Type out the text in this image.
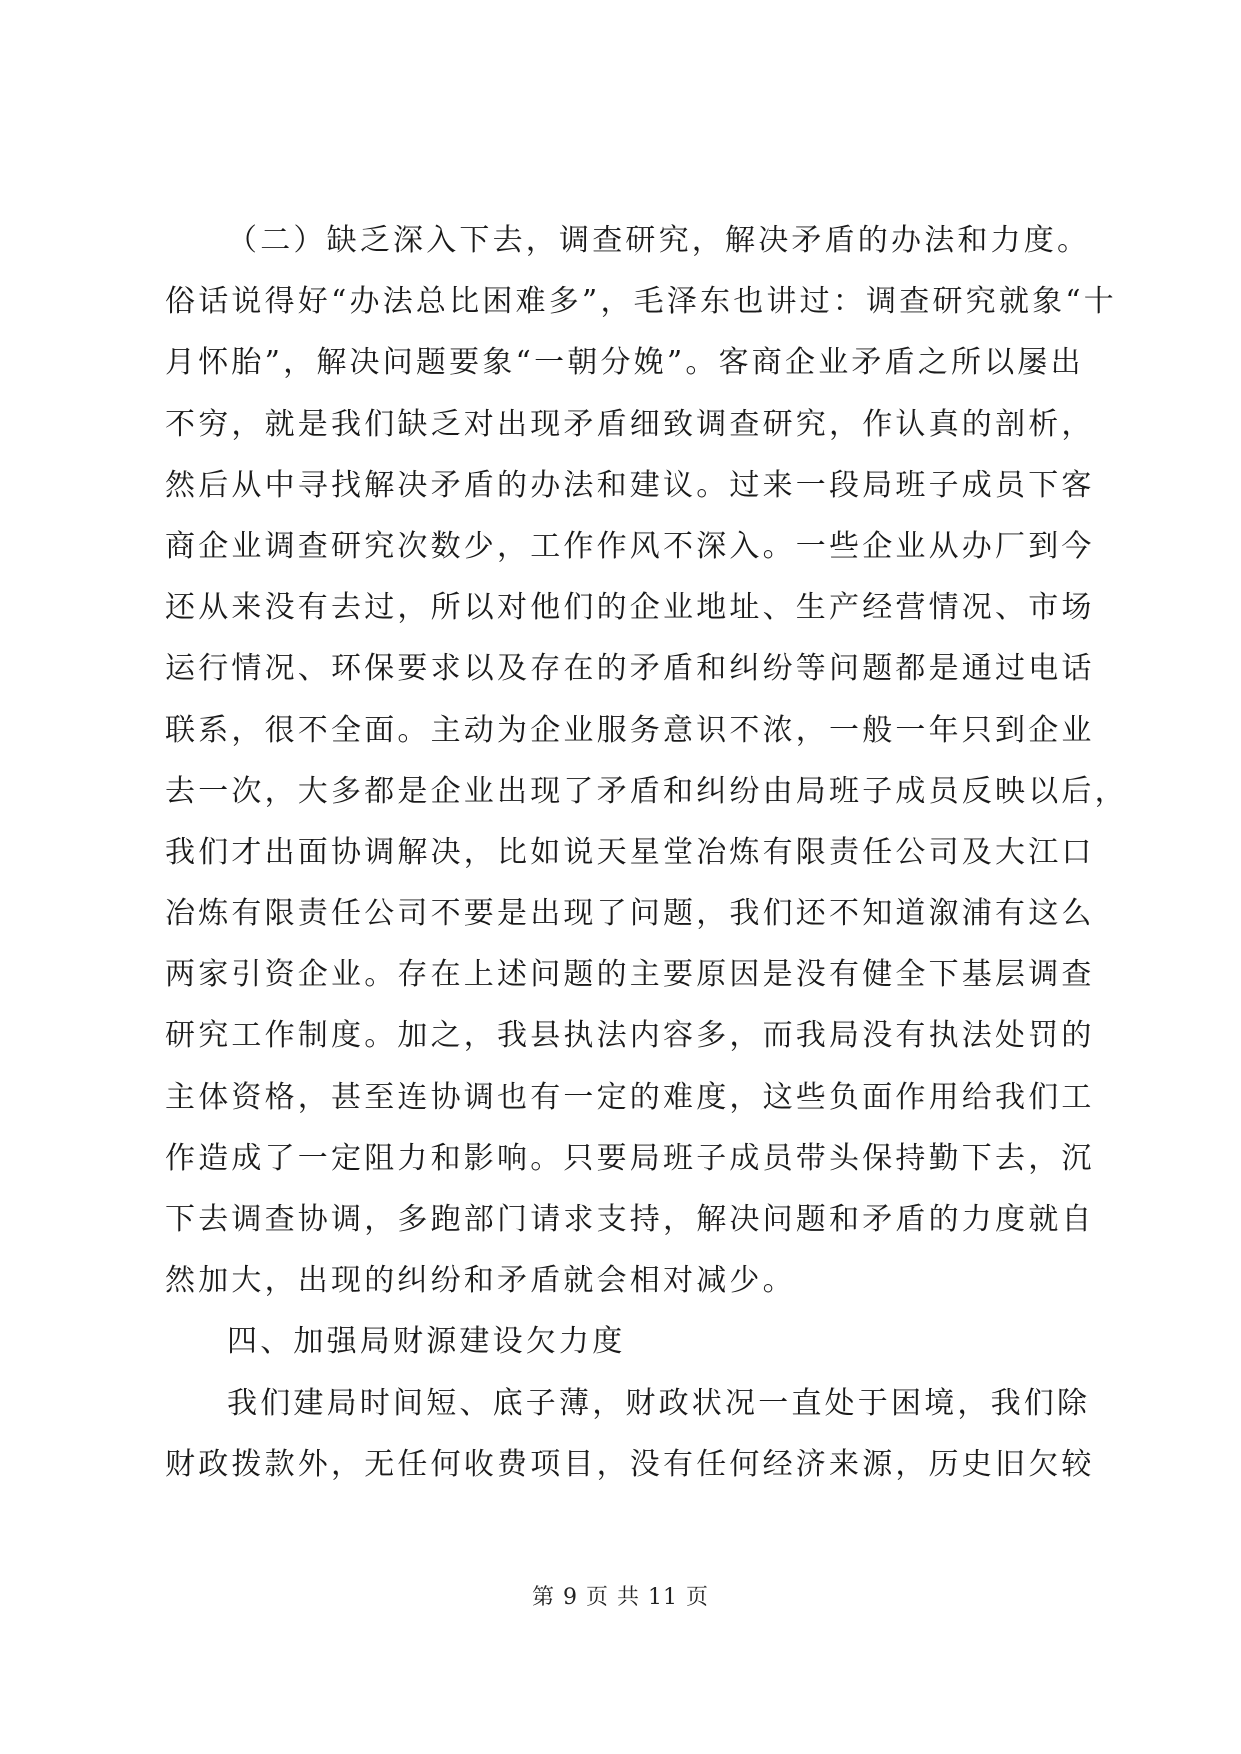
（二）缺乏深入下去，调查研究，解决矛盾的办法和力度。
俗话说得好“办法总比困难多”，毛泽东也讲过：调查研究就象“十
月怀胎”，解决问题要象“一朝分娩”。客商企业矛盾之所以屡出
不穷，就是我们缺乏对出现矛盾细致调查研究，作认真的剖析，
然后从中寻找解决矛盾的办法和建议。过来一段局班子成员下客
商企业调查研究次数少，工作作风不深入。一些企业从办厂到今
还从来没有去过，所以对他们的企业地址、生产经营情况、市场
运行情况、环保要求以及存在的矛盾和纠纷等问题都是通过电话
联系，很不全面。主动为企业服务意识不浓，一般一年只到企业
去一次，大多都是企业出现了矛盾和纠纷由局班子成员反映以后，
我们才出面协调解决，比如说天星堂冶炼有限责任公司及大江口
冶炼有限责任公司不要是出现了问题，我们还不知道溆浦有这么
两家引资企业。存在上述问题的主要原因是没有健全下基层调查
研究工作制度。加之，我县执法内容多，而我局没有执法处罚的
主体资格，甚至连协调也有一定的难度，这些负面作用给我们工
作造成了一定阻力和影响。只要局班子成员带头保持勤下去，沉
下去调查协调，多跑部门请求支持，解决问题和矛盾的力度就自
然加大，出现的纠纷和矛盾就会相对减少。
四、加强局财源建设欠力度
我们建局时间短、底子薄，财政状况一直处于困境，我们除
财政拨款外，无任何收费项目，没有任何经济来源，历史旧欠较
第 9 页 共 11 页
